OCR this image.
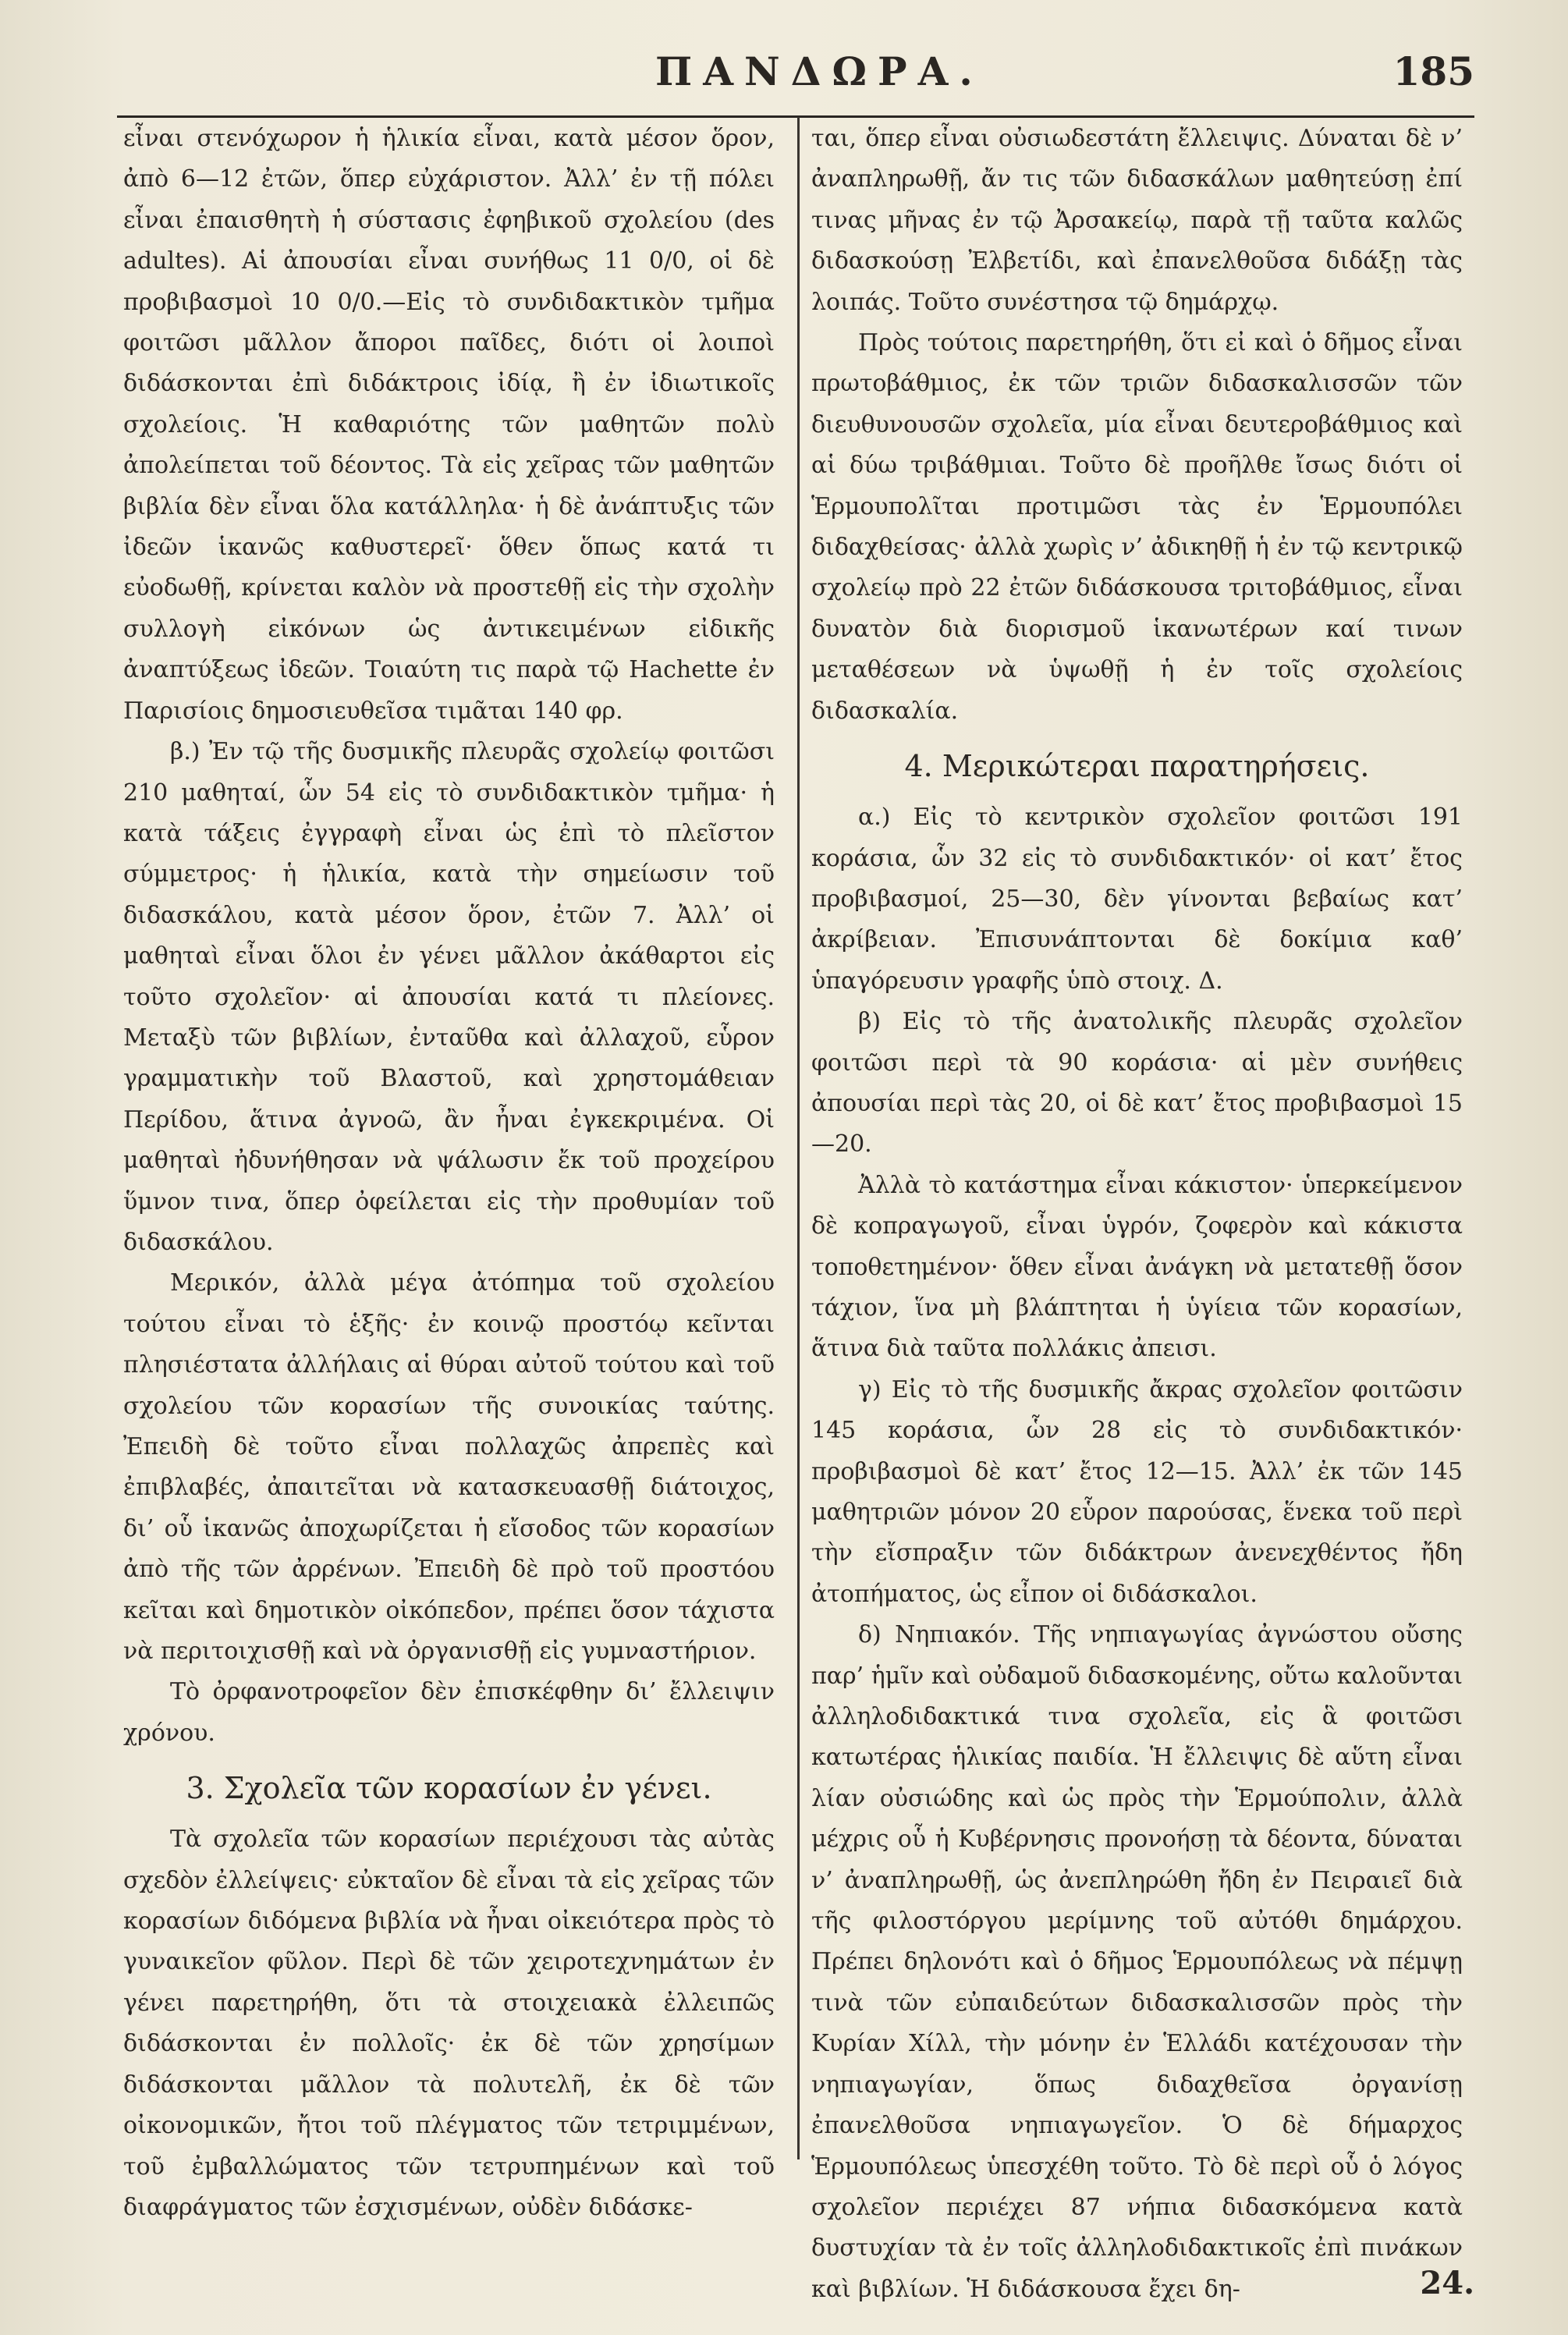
ΠΑΝΔΩΡΑ.	185

εἶναι στενόχωρον ἡ ἡλικία εἶναι, κατὰ μέσον ὅρον, ἀπὸ 6—12 ἐτῶν, ὅπερ εὐχάριστον. Ἀλλ’ ἐν τῇ πόλει εἶναι ἐπαισθητὴ ἡ σύστασις ἐφηβικοῦ σχολείου (des adultes). Αἱ ἀπουσίαι εἶναι συνήθως 11 0/0, οἱ δὲ προβιβασμοὶ 10 0/0.—Εἰς τὸ συνδιδακτικὸν τμῆμα φοιτῶσι μᾶλλον ἄποροι παῖδες, διότι οἱ λοιποὶ διδάσκονται ἐπὶ διδάκτροις ἰδίᾳ, ἢ ἐν ἰδιωτικοῖς σχολείοις. Ἡ καθαριότης τῶν μαθητῶν πολὺ ἀπολείπεται τοῦ δέοντος. Τὰ εἰς χεῖρας τῶν μαθητῶν βιβλία δὲν εἶναι ὅλα κατάλληλα· ἡ δὲ ἀνάπτυξις τῶν ἰδεῶν ἱκανῶς καθυστερεῖ· ὅθεν ὅπως κατά τι εὐοδωθῇ, κρίνεται καλὸν νὰ προστεθῇ εἰς τὴν σχολὴν συλλογὴ εἰκόνων ὡς ἀντικειμένων εἰδικῆς ἀναπτύξεως ἰδεῶν. Τοιαύτη τις παρὰ τῷ Hachette ἐν Παρισίοις δημοσιευθεῖσα τιμᾶται 140 φρ.

β.) Ἐν τῷ τῆς δυσμικῆς πλευρᾶς σχολείῳ φοιτῶσι 210 μαθηταί, ὧν 54 εἰς τὸ συνδιδακτικὸν τμῆμα· ἡ κατὰ τάξεις ἐγγραφὴ εἶναι ὡς ἐπὶ τὸ πλεῖστον σύμμετρος· ἡ ἡλικία, κατὰ τὴν σημείωσιν τοῦ διδασκάλου, κατὰ μέσον ὅρον, ἐτῶν 7. Ἀλλ’ οἱ μαθηταὶ εἶναι ὅλοι ἐν γένει μᾶλλον ἀκάθαρτοι εἰς τοῦτο σχολεῖον· αἱ ἀπουσίαι κατά τι πλείονες. Μεταξὺ τῶν βιβλίων, ἐνταῦθα καὶ ἀλλαχοῦ, εὗρον γραμματικὴν τοῦ Βλαστοῦ, καὶ χρηστομάθειαν Περίδου, ἅτινα ἀγνοῶ, ἂν ἦναι ἐγκεκριμένα. Οἱ μαθηταὶ ἠδυνήθησαν νὰ ψάλωσιν ἔκ τοῦ προχείρου ὕμνον τινα, ὅπερ ὀφείλεται εἰς τὴν προθυμίαν τοῦ διδασκάλου.

Μερικόν, ἀλλὰ μέγα ἀτόπημα τοῦ σχολείου τούτου εἶναι τὸ ἑξῆς· ἐν κοινῷ προστόῳ κεῖνται πλησιέστατα ἀλλήλαις αἱ θύραι αὐτοῦ τούτου καὶ τοῦ σχολείου τῶν κορασίων τῆς συνοικίας ταύτης. Ἐπειδὴ δὲ τοῦτο εἶναι πολλαχῶς ἀπρεπὲς καὶ ἐπιβλαβές, ἀπαιτεῖται νὰ κατασκευασθῇ διάτοιχος, δι’ οὗ ἱκανῶς ἀποχωρίζεται ἡ εἴσοδος τῶν κορασίων ἀπὸ τῆς τῶν ἀρρένων. Ἐπειδὴ δὲ πρὸ τοῦ προστόου κεῖται καὶ δημοτικὸν οἰκόπεδον, πρέπει ὅσον τάχιστα νὰ περιτοιχισθῇ καὶ νὰ ὀργανισθῇ εἰς γυμναστήριον.

Τὸ ὀρφανοτροφεῖον δὲν ἐπισκέφθην δι’ ἔλλειψιν χρόνου.

3. Σχολεῖα τῶν κορασίων ἐν γένει.

Τὰ σχολεῖα τῶν κορασίων περιέχουσι τὰς αὐτὰς σχεδὸν ἐλλείψεις· εὐκταῖον δὲ εἶναι τὰ εἰς χεῖρας τῶν κορασίων διδόμενα βιβλία νὰ ἦναι οἰκειότερα πρὸς τὸ γυναικεῖον φῦλον. Περὶ δὲ τῶν χειροτεχνημάτων ἐν γένει παρετηρήθη, ὅτι τὰ στοιχειακὰ ἐλλειπῶς διδάσκονται ἐν πολλοῖς· ἐκ δὲ τῶν χρησίμων διδάσκονται μᾶλλον τὰ πολυτελῆ, ἐκ δὲ τῶν οἰκονομικῶν, ἤτοι τοῦ πλέγματος τῶν τετριμμένων, τοῦ ἐμβαλλώματος τῶν τετρυπημένων καὶ τοῦ διαφράγματος τῶν ἐσχισμένων, οὐδὲν διδάσκε-

ται, ὅπερ εἶναι οὐσιωδεστάτη ἔλλειψις. Δύναται δὲ ν’ ἀναπληρωθῇ, ἄν τις τῶν διδασκάλων μαθητεύσῃ ἐπί τινας μῆνας ἐν τῷ Ἀρσακείῳ, παρὰ τῇ ταῦτα καλῶς διδασκούσῃ Ἐλβετίδι, καὶ ἐπανελθοῦσα διδάξῃ τὰς λοιπάς. Τοῦτο συνέστησα τῷ δημάρχῳ.

Πρὸς τούτοις παρετηρήθη, ὅτι εἰ καὶ ὁ δῆμος εἶναι πρωτοβάθμιος, ἐκ τῶν τριῶν διδασκαλισσῶν τῶν διευθυνουσῶν σχολεῖα, μία εἶναι δευτεροβάθμιος καὶ αἱ δύω τριβάθμιαι. Τοῦτο δὲ προῆλθε ἴσως διότι οἱ Ἑρμουπολῖται προτιμῶσι τὰς ἐν Ἑρμουπόλει διδαχθείσας· ἀλλὰ χωρὶς ν’ ἀδικηθῇ ἡ ἐν τῷ κεντρικῷ σχολείῳ πρὸ 22 ἐτῶν διδάσκουσα τριτοβάθμιος, εἶναι δυνατὸν διὰ διορισμοῦ ἱκανωτέρων καί τινων μεταθέσεων νὰ ὑψωθῇ ἡ ἐν τοῖς σχολείοις διδασκαλία.

4. Μερικώτεραι παρατηρήσεις.

α.) Εἰς τὸ κεντρικὸν σχολεῖον φοιτῶσι 191 κοράσια, ὧν 32 εἰς τὸ συνδιδακτικόν· οἱ κατ’ ἔτος προβιβασμοί, 25—30, δὲν γίνονται βεβαίως κατ’ ἀκρίβειαν. Ἐπισυνάπτονται δὲ δοκίμια καθ’ ὑπαγόρευσιν γραφῆς ὑπὸ στοιχ. Δ.

β) Εἰς τὸ τῆς ἀνατολικῆς πλευρᾶς σχολεῖον φοιτῶσι περὶ τὰ 90 κοράσια· αἱ μὲν συνήθεις ἀπουσίαι περὶ τὰς 20, οἱ δὲ κατ’ ἔτος προβιβασμοὶ 15—20.

Ἀλλὰ τὸ κατάστημα εἶναι κάκιστον· ὑπερκείμενον δὲ κοπραγωγοῦ, εἶναι ὑγρόν, ζοφερὸν καὶ κάκιστα τοποθετημένον· ὅθεν εἶναι ἀνάγκη νὰ μετατεθῇ ὅσον τάχιον, ἵνα μὴ βλάπτηται ἡ ὑγίεια τῶν κορασίων, ἅτινα διὰ ταῦτα πολλάκις ἀπεισι.

γ) Εἰς τὸ τῆς δυσμικῆς ἄκρας σχολεῖον φοιτῶσιν 145 κοράσια, ὧν 28 εἰς τὸ συνδιδακτικόν· προβιβασμοὶ δὲ κατ’ ἔτος 12—15. Ἀλλ’ ἐκ τῶν 145 μαθητριῶν μόνον 20 εὗρον παρούσας, ἕνεκα τοῦ περὶ τὴν εἴσπραξιν τῶν διδάκτρων ἀνενεχθέντος ἤδη ἀτοπήματος, ὡς εἶπον οἱ διδάσκαλοι.

δ) Νηπιακόν. Τῆς νηπιαγωγίας ἀγνώστου οὔσης παρ’ ἡμῖν καὶ οὐδαμοῦ διδασκομένης, οὔτω καλοῦνται ἀλληλοδιδακτικά τινα σχολεῖα, εἰς ἃ φοιτῶσι κατωτέρας ἡλικίας παιδία. Ἡ ἔλλειψις δὲ αὕτη εἶναι λίαν οὐσιώδης καὶ ὡς πρὸς τὴν Ἑρμούπολιν, ἀλλὰ μέχρις οὗ ἡ Κυβέρνησις προνοήσῃ τὰ δέοντα, δύναται ν’ ἀναπληρωθῇ, ὡς ἀνεπληρώθη ἤδη ἐν Πειραιεῖ διὰ τῆς φιλοστόργου μερίμνης τοῦ αὐτόθι δημάρχου. Πρέπει δηλονότι καὶ ὁ δῆμος Ἑρμουπόλεως νὰ πέμψῃ τινὰ τῶν εὐπαιδεύτων διδασκαλισσῶν πρὸς τὴν Κυρίαν Χίλλ, τὴν μόνην ἐν Ἑλλάδι κατέχουσαν τὴν νηπιαγωγίαν, ὅπως διδαχθεῖσα ὀργανίσῃ ἐπανελθοῦσα νηπιαγωγεῖον. Ὁ δὲ δήμαρχος Ἑρμουπόλεως ὑπεσχέθη τοῦτο. Τὸ δὲ περὶ οὗ ὁ λόγος σχολεῖον περιέχει 87 νήπια διδασκόμενα κατὰ δυστυχίαν τὰ ἐν τοῖς ἀλληλοδιδακτικοῖς ἐπὶ πινάκων καὶ βιβλίων. Ἡ διδάσκουσα ἔχει δη-	24.
